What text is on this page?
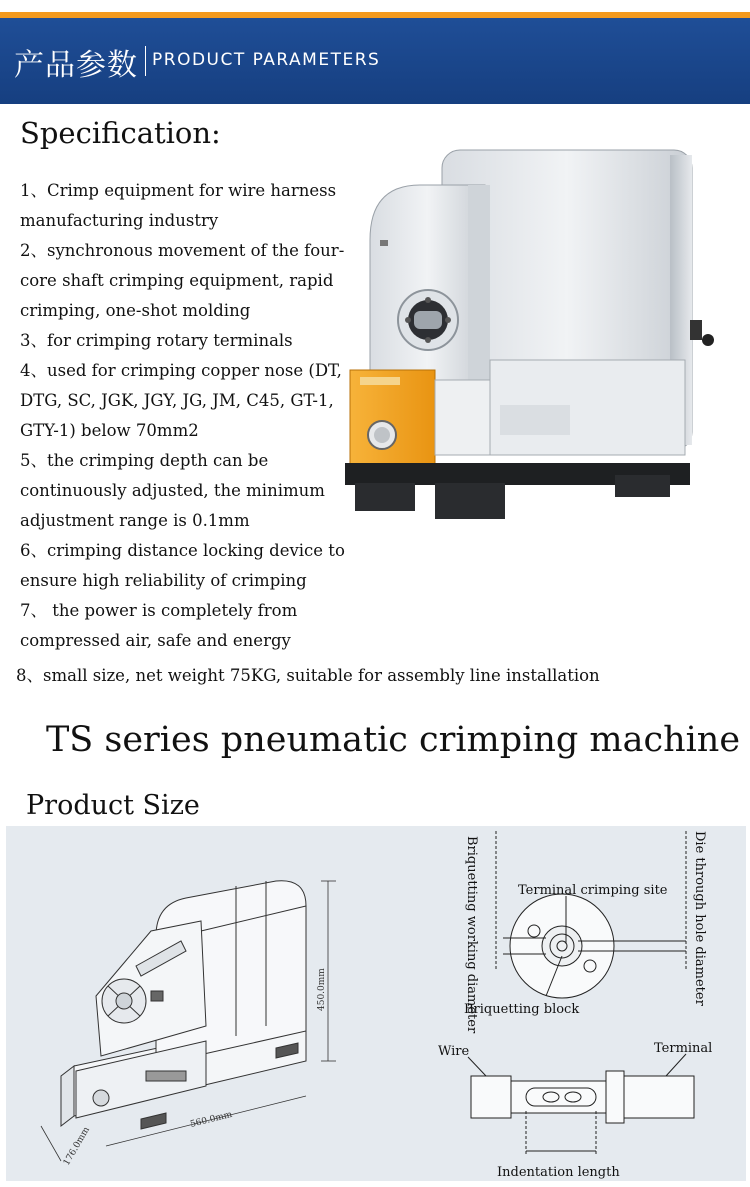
产品参数 PRODUCT PARAMETERS
Specification:
1、Crimp equipment for wire harness manufacturing industry
2、synchronous movement of the four-core shaft crimping equipment, rapid crimping, one-shot molding
3、for crimping rotary terminals
4、used for crimping copper nose (DT, DTG, SC, JGK, JGY, JG, JM, C45, GT-1, GTY-1) below 70mm2
5、the crimping depth can be continuously adjusted, the minimum adjustment range is 0.1mm
6、crimping distance locking device to ensure high reliability of crimping
7、 the power is completely from compressed air, safe and energy
8、small size, net weight 75KG, suitable for assembly line installation
TS series pneumatic crimping machine
Product Size
450.0mm
560.0mm
176.0mm
Briquetting working diameter	Die through hole diameter
Terminal crimping site
Briquetting block
Wire	Terminal
Indentation length
